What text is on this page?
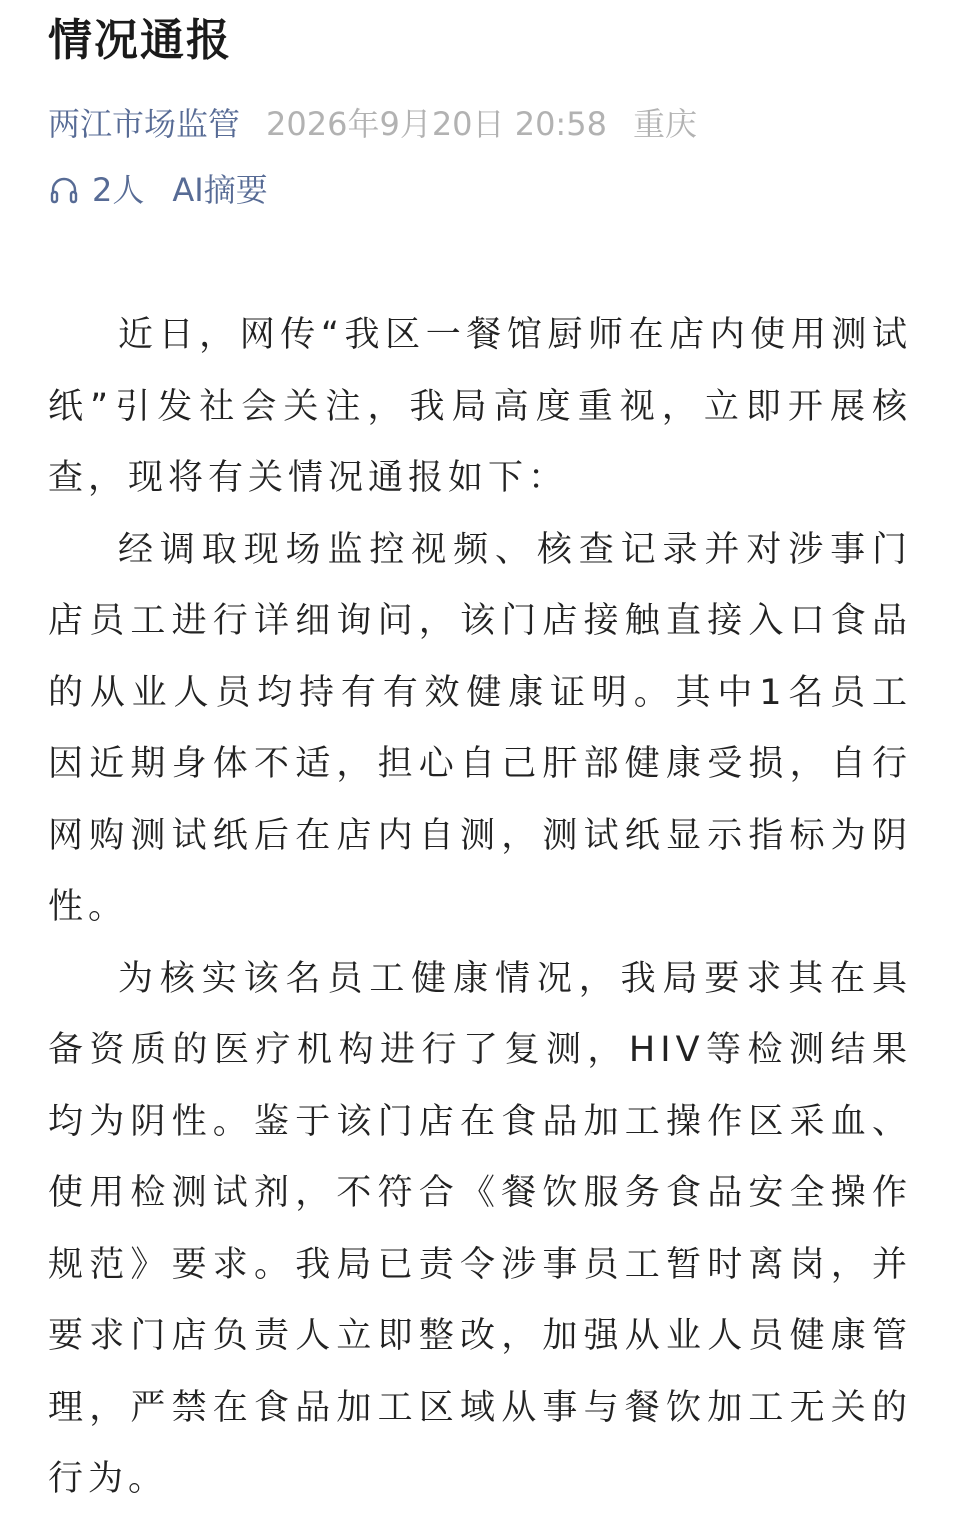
情况通报
两江市场监管 2026年9月20日 20:58 重庆
2人 AI摘要

近日，网传“我区一餐馆厨师在店内使用测试纸”引发社会关注，我局高度重视，立即开展核查，现将有关情况通报如下：

经调取现场监控视频、核查记录并对涉事门店员工进行详细询问，该门店接触直接入口食品的从业人员均持有有效健康证明。其中1名员工因近期身体不适，担心自己肝部健康受损，自行网购测试纸后在店内自测，测试纸显示指标为阴性。

为核实该名员工健康情况，我局要求其在具备资质的医疗机构进行了复测，HIV等检测结果均为阴性。鉴于该门店在食品加工操作区采血、使用检测试剂，不符合《餐饮服务食品安全操作规范》要求。我局已责令涉事员工暂时离岗，并要求门店负责人立即整改，加强从业人员健康管理，严禁在食品加工区域从事与餐饮加工无关的行为。
